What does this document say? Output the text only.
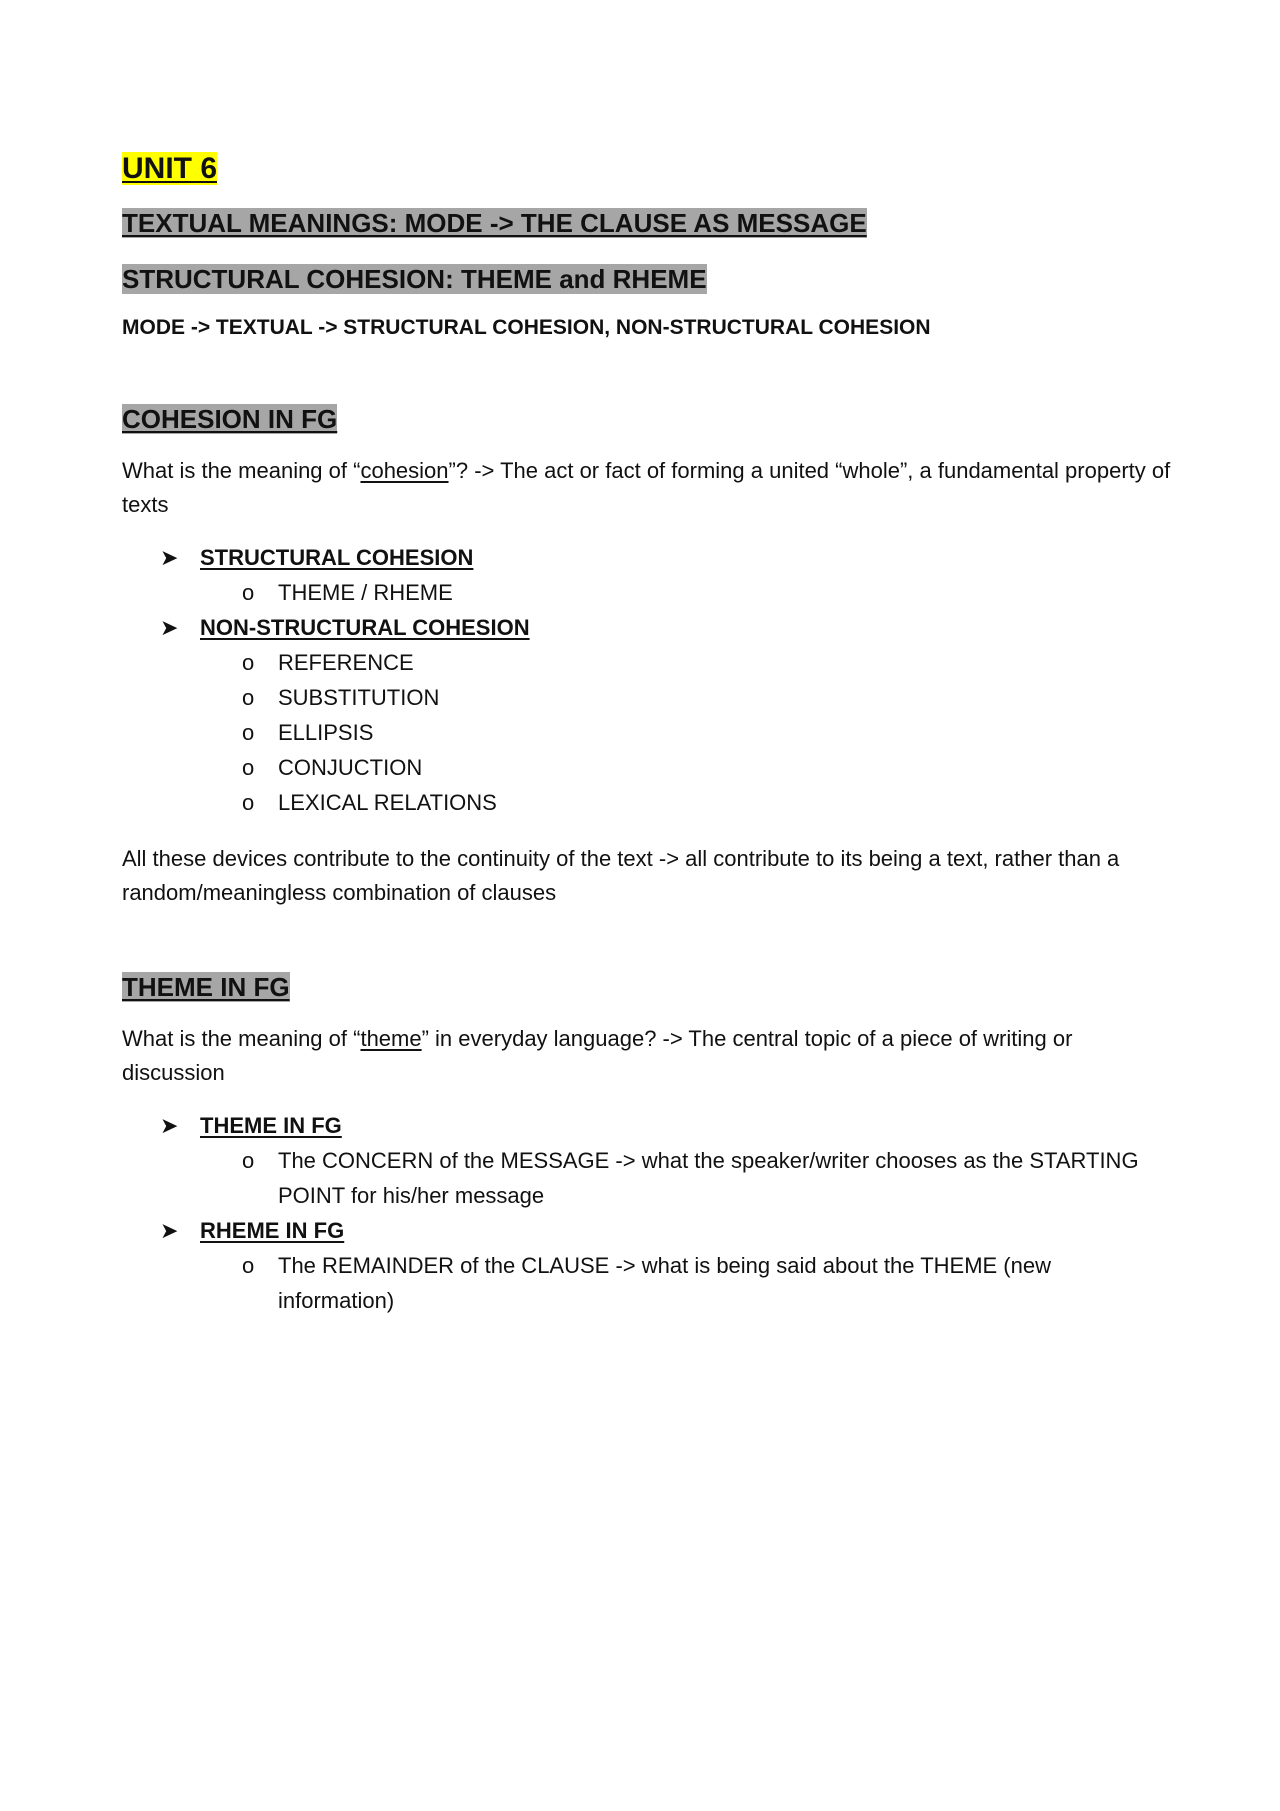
UNIT 6
TEXTUAL MEANINGS: MODE -> THE CLAUSE AS MESSAGE
STRUCTURAL COHESION: THEME and RHEME
MODE -> TEXTUAL -> STRUCTURAL COHESION, NON-STRUCTURAL COHESION
COHESION IN FG

What is the meaning of “cohesion”? -> The act or fact of forming a united “whole”, a fundamental property of texts

➤ STRUCTURAL COHESION
o THEME / RHEME
➤ NON-STRUCTURAL COHESION
o REFERENCE
o SUBSTITUTION
o ELLIPSIS
o CONJUCTION
o LEXICAL RELATIONS

All these devices contribute to the continuity of the text -> all contribute to its being a text, rather than a random/meaningless combination of clauses

THEME IN FG

What is the meaning of “theme” in everyday language? -> The central topic of a piece of writing or discussion

➤ THEME IN FG
o The CONCERN of the MESSAGE -> what the speaker/writer chooses as the STARTING POINT for his/her message
➤ RHEME IN FG
o The REMAINDER of the CLAUSE -> what is being said about the THEME (new information)
